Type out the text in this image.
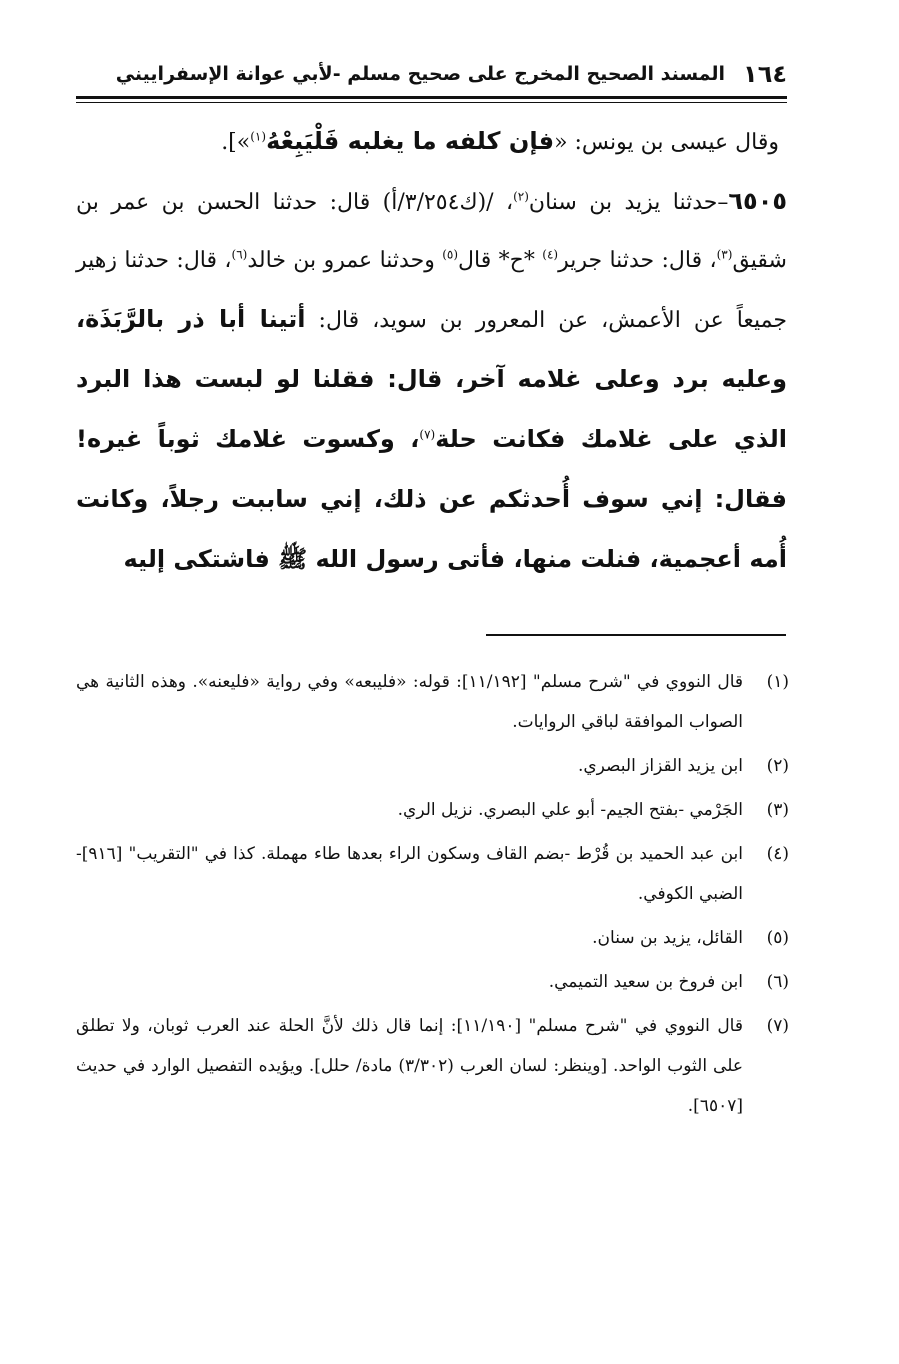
١٦٤
المسند الصحيح المخرج على صحيح مسلم -لأبي عوانة الإسفراييني

وقال عيسى بن يونس: «فإن كلفه ما يغلبه فَلْيَبِعْهُ$^{(١)}$»].

٦٥٠٥–حدثنا يزيد بن سنان$^{(٢)}$، /(ك٣/٢٥٤/أ) قال: حدثنا الحسن بن عمر بن شقيق$^{(٣)}$، قال: حدثنا جرير$^{(٤)}$ *ح* قال$^{(٥)}$ وحدثنا عمرو بن خالد$^{(٦)}$، قال: حدثنا زهير جميعاً عن الأعمش، عن المعرور بن سويد، قال: أتينا أبا ذر بالرَّبَذَة، وعليه برد وعلى غلامه آخر، قال: فقلنا لو لبست هذا البرد الذي على غلامك فكانت حلة$^{(٧)}$، وكسوت غلامك ثوباً غيره! فقال: إني سوف أُحدثكم عن ذلك، إني ساببت رجلاً، وكانت أُمه أعجمية، فنلت منها، فأتى رسول الله ﷺ فاشتكى إليه

(١)
قال النووي في "شرح مسلم" [١١/١٩٢]: قوله: «فليبعه» وفي رواية «فليعنه». وهذه الثانية هي الصواب الموافقة لباقي الروايات.
(٢)
ابن يزيد القزاز البصري.
(٣)
الجَرْمي -بفتح الجيم- أبو علي البصري. نزيل الري.
(٤)
ابن عبد الحميد بن قُرْط -بضم القاف وسكون الراء بعدها طاء مهملة. كذا في "التقريب" [٩١٦]- الضبي الكوفي.
(٥)
القائل، يزيد بن سنان.
(٦)
ابن فروخ بن سعيد التميمي.
(٧)
قال النووي في "شرح مسلم" [١١/١٩٠]: إنما قال ذلك لأنَّ الحلة عند العرب ثوبان، ولا تطلق على الثوب الواحد. [وينظر: لسان العرب (٣/٣٠٢) مادة/ حلل]. ويؤيده التفصيل الوارد في حديث [٦٥٠٧].
